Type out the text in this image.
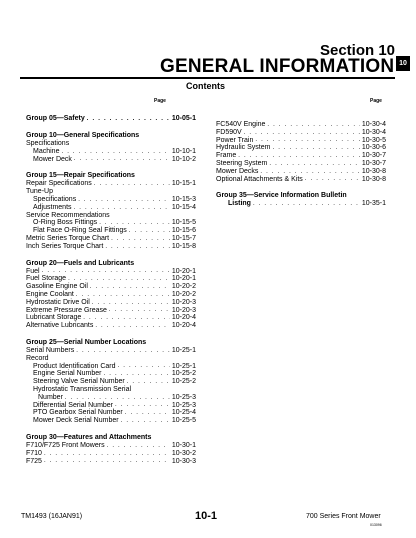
Section 10
GENERAL INFORMATION 10
Contents
Page	Page
Group 05—Safety . . .	10-05-1
Group 10—General Specifications
Specifications
Machine . . .	10-10-1
Mower Deck . . .	10-10-2
Group 15—Repair Specifications
Repair Specifications . . .	10-15-1
Tune-Up
Specifications . . .	10-15-3
Adjustments . . .	10-15-4
Service Recommendations
O-Ring Boss Fittings . . .	10-15-5
Flat Face O-Ring Seal Fittings . . .	10-15-6
Metric Series Torque Chart . . .	10-15-7
Inch Series Torque Chart . . .	10-15-8
Group 20—Fuels and Lubricants
Fuel . . .	10-20-1
Fuel Storage . . .	10-20-1
Gasoline Engine Oil . . .	10-20-2
Engine Coolant . . .	10-20-2
Hydrostatic Drive Oil . . .	10-20-3
Extreme Pressure Grease . . .	10-20-3
Lubricant Storage . . .	10-20-4
Alternative Lubricants . . .	10-20-4
Group 25—Serial Number Locations
Serial Numbers . . .	10-25-1
Record
Product Identification Card . . .	10-25-1
Engine Serial Number . . .	10-25-2
Steering Valve Serial Number . . .	10-25-2
Hydrostatic Transmission Serial
Number . . .	10-25-3
Differential Serial Number . . .	10-25-3
PTO Gearbox Serial Number . . .	10-25-4
Mower Deck Serial Number . . .	10-25-5
Group 30—Features and Attachments
F710/F725 Front Mowers . . .	10-30-1
F710 . . .	10-30-2
F725 . . .	10-30-3
FC540V Engine . . .	10-30-4
FD590V . . .	10-30-4
Power Train . . .	10-30-5
Hydraulic System . . .	10-30-6
Frame . . .	10-30-7
Steering System . . .	10-30-7
Mower Decks . . .	10-30-8
Optional Attachments & Kits . . .	10-30-8
Group 35—Service Information Bulletin
Listing . . .	10-35-1
TM1493 (16JAN91)	10-1	700 Series Front Mower
013096
